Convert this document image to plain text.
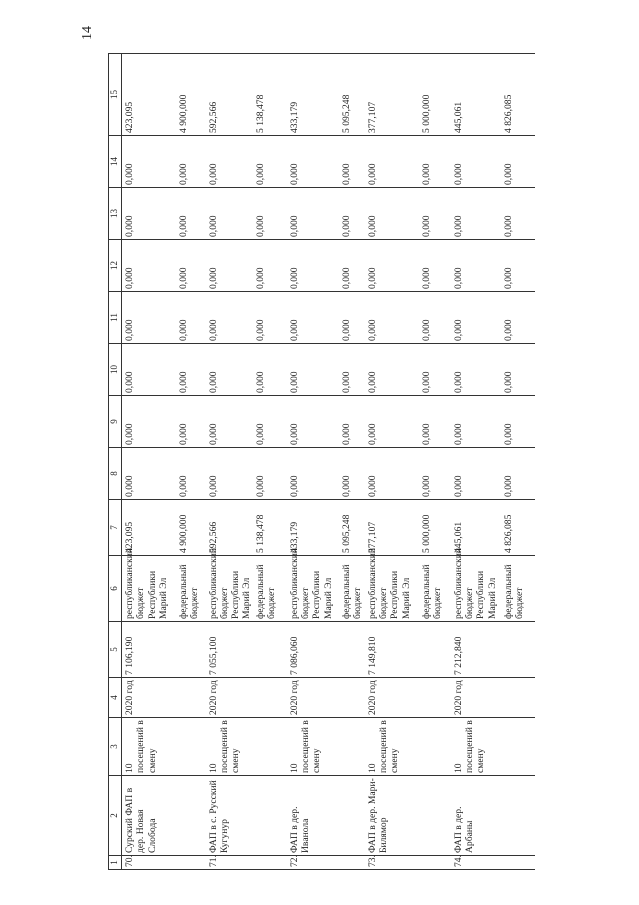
14
1	2	3	4	5	6	7	8	9	10	11	12	13	14	15
70.	Сурский ФАП в дер. Новая Слобода	10 посещений в смену	2020 год	7 106,190	республиканский бюджет Республики Марий Эл	423,095	0,000	0,000	0,000	0,000	0,000	0,000	0,000	423,095
					федеральный бюджет	4 900,000	0,000	0,000	0,000	0,000	0,000	0,000	0,000	4 900,000
71.	ФАП в с. Русский Кугунур	10 посещений в смену	2020 год	7 055,100	республиканский бюджет Республики Марий Эл	592,566	0,000	0,000	0,000	0,000	0,000	0,000	0,000	592,566
					федеральный бюджет	5 138,478	0,000	0,000	0,000	0,000	0,000	0,000	0,000	5 138,478
72.	ФАП в дер. Иванола	10 посещений в смену	2020 год	7 086,060	республиканский бюджет Республики Марий Эл	433,179	0,000	0,000	0,000	0,000	0,000	0,000	0,000	433,179
					федеральный бюджет	5 095,248	0,000	0,000	0,000	0,000	0,000	0,000	0,000	5 095,248
73.	ФАП в дер. Мари-Билямор	10 посещений в смену	2020 год	7 149,810	республиканский бюджет Республики Марий Эл	377,107	0,000	0,000	0,000	0,000	0,000	0,000	0,000	377,107
					федеральный бюджет	5 000,000	0,000	0,000	0,000	0,000	0,000	0,000	0,000	5 000,000
74.	ФАП в дер. Арбаны	10 посещений в смену	2020 год	7 212,840	республиканский бюджет Республики Марий Эл	445,061	0,000	0,000	0,000	0,000	0,000	0,000	0,000	445,061
					федеральный бюджет	4 826,085	0,000	0,000	0,000	0,000	0,000	0,000	0,000	4 826,085
